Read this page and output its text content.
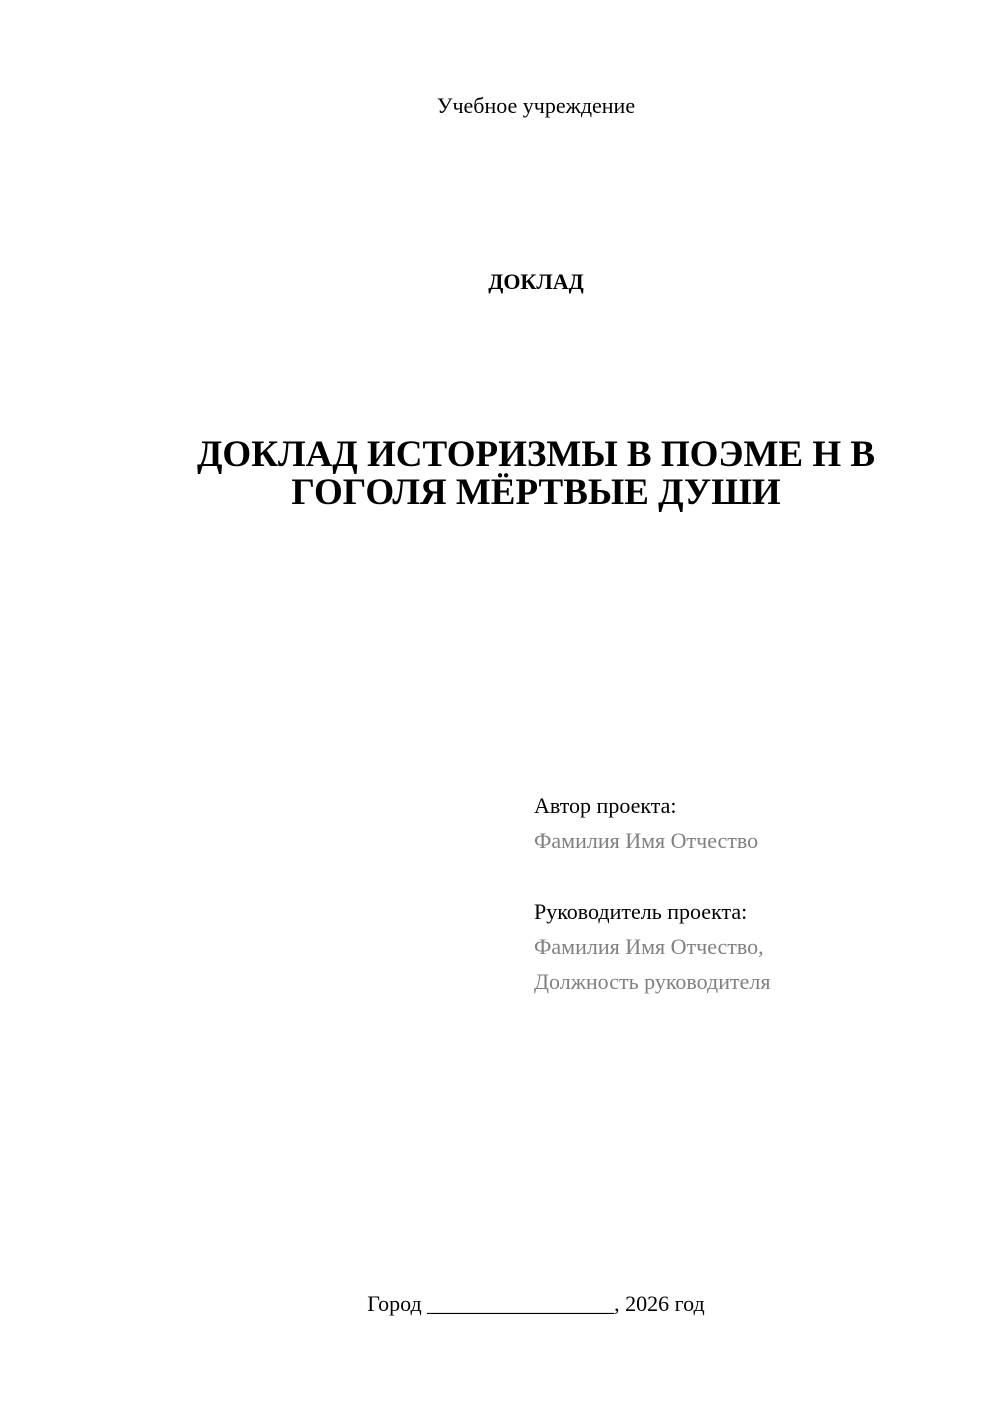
Учебное учреждение
ДОКЛАД
ДОКЛАД ИСТОРИЗМЫ В ПОЭМЕ Н В ГОГОЛЯ МЁРТВЫЕ ДУШИ
Автор проекта:
Фамилия Имя Отчество
Руководитель проекта:
Фамилия Имя Отчество,
Должность руководителя
Город _________________, 2026 год
